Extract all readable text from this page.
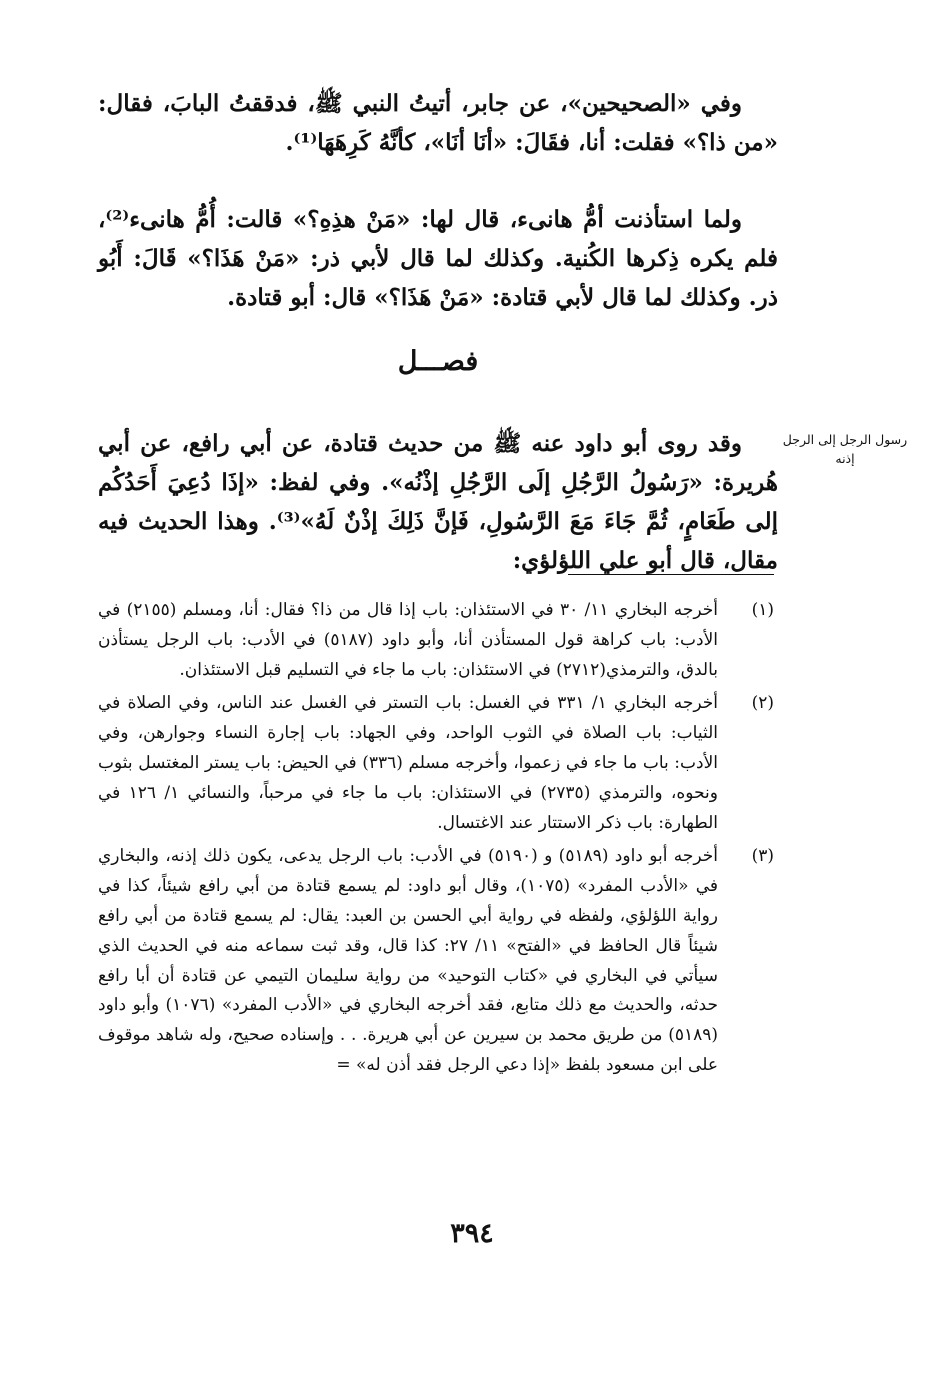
وفي «الصحيحين»، عن جابر، أتيتُ النبي ﷺ، فدققتُ البابَ، فقال: «من ذا؟» فقلت: أنا، فقَالَ: «أنَا أنَا»، كأنَّهُ كَرِهَهَا⁽¹⁾.

ولما استأذنت أمُّ هانىء، قال لها: «مَنْ هذِهِ؟» قالت: أُمُّ هانىء⁽²⁾، فلم يكره ذِكرها الكُنية. وكذلك لما قال لأبي ذر: «مَنْ هَذَا؟» قَالَ: أَبُو ذر. وكذلك لما قال لأبي قتادة: «مَنْ هَذَا؟» قال: أبو قتادة.

فصـــل
رسول الرجل إلى الرجل إذنه

وقد روى أبو داود عنه ﷺ من حديث قتادة، عن أبي رافع، عن أبي هُريرة: «رَسُولُ الرَّجُلِ إلَى الرَّجُلِ إذْنُه». وفي لفظ: «إذَا دُعِيَ أَحَدُكُم إلى طَعَامٍ، ثُمَّ جَاءَ مَعَ الرَّسُولِ، فَإنَّ ذَلِكَ إذْنٌ لَهُ»⁽³⁾. وهذا الحديث فيه مقال، قال أبو علي اللؤلؤي:

(١)
أخرجه البخاري ١١/ ٣٠ في الاستئذان: باب إذا قال من ذا؟ فقال: أنا، ومسلم (٢١٥٥) في الأدب: باب كراهة قول المستأذن أنا، وأبو داود (٥١٨٧) في الأدب: باب الرجل يستأذن بالدق، والترمذي(٢٧١٢) في الاستئذان: باب ما جاء في التسليم قبل الاستئذان.
(٢)
أخرجه البخاري ١/ ٣٣١ في الغسل: باب التستر في الغسل عند الناس، وفي الصلاة في الثياب: باب الصلاة في الثوب الواحد، وفي الجهاد: باب إجارة النساء وجوارهن، وفي الأدب: باب ما جاء في زعموا، وأخرجه مسلم (٣٣٦) في الحيض: باب يستر المغتسل بثوب ونحوه، والترمذي (٢٧٣٥) في الاستئذان: باب ما جاء في مرحباً، والنسائي ١/ ١٢٦ في الطهارة: باب ذكر الاستتار عند الاغتسال.
(٣)
أخرجه أبو داود (٥١٨٩) و (٥١٩٠) في الأدب: باب الرجل يدعى، يكون ذلك إذنه، والبخاري في «الأدب المفرد» (١٠٧٥)، وقال أبو داود: لم يسمع قتادة من أبي رافع شيئاً، كذا في رواية اللؤلؤي، ولفظه في رواية أبي الحسن بن العبد: يقال: لم يسمع قتادة من أبي رافع شيئاً قال الحافظ في «الفتح» ١١/ ٢٧: كذا قال، وقد ثبت سماعه منه في الحديث الذي سيأتي في البخاري في «كتاب التوحيد» من رواية سليمان التيمي عن قتادة أن أبا رافع حدثه، والحديث مع ذلك متابع، فقد أخرجه البخاري في «الأدب المفرد» (١٠٧٦) وأبو داود (٥١٨٩) من طريق محمد بن سيرين عن أبي هريرة. . . وإسناده صحيح، وله شاهد موقوف على ابن مسعود بلفظ «إذا دعي الرجل فقد أذن له» =
٣٩٤
